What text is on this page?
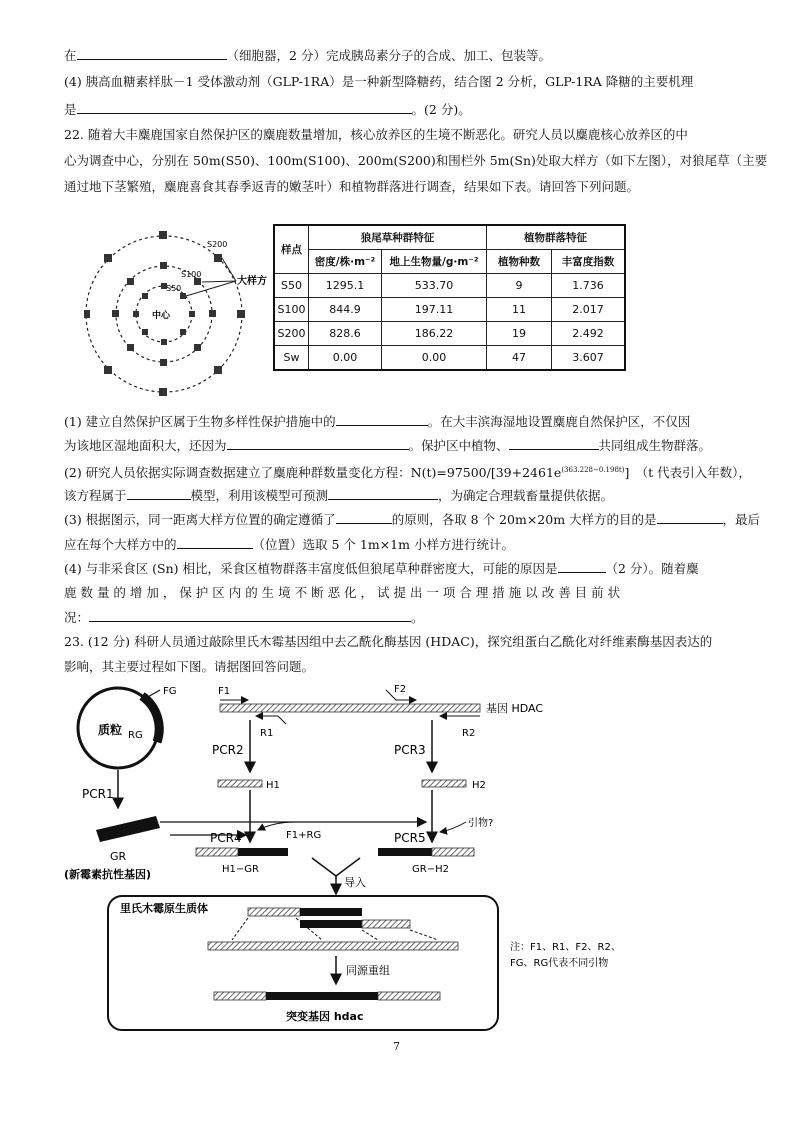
在	（细胞器，2 分）完成胰岛素分子的合成、加工、包装等。
(4) 胰高血糖素样肽－1 受体激动剂（GLP-1RA）是一种新型降糖药，结合图 2 分析，GLP-1RA 降糖的主要机理
是	。(2 分)。
22. 随着大丰麋鹿国家自然保护区的麋鹿数量增加，核心放养区的生境不断恶化。研究人员以麋鹿核心放养区的中
心为调查中心，分别在 50m(S50)、100m(S100)、200m(S200)和围栏外 5m(Sn)处取大样方（如下左图），对狼尾草（主要
通过地下茎繁殖，麋鹿喜食其春季返青的嫩茎叶）和植物群落进行调查，结果如下表。请回答下列问题。
大样方
S200
S100
S50
中心
样点	狼尾草种群特征		植物群落特征	
	密度/株·m⁻²	地上生物量/g·m⁻²	植物种数	丰富度指数
S50	1295.1	533.70	9	1.736
S100	844.9	197.11	11	2.017
S200	828.6	186.22	19	2.492
Sw	0.00	0.00	47	3.607
(1) 建立自然保护区属于生物多样性保护措施中的	。在大丰滨海湿地设置麋鹿自然保护区，不仅因
为该地区湿地面积大，还因为	。保护区中植物、	共同组成生物群落。
(2) 研究人员依据实际调查数据建立了麋鹿种群数量变化方程：$N(t)=97500/[39+2461e^{(363.228-0.198t)}]$　（t 代表引入年数），
该方程属于	模型，利用该模型可预测	，为确定合理载畜量提供依据。
(3) 根据图示，同一距离大样方位置的确定遵循了	的原则，各取 8 个 20m×20m 大样方的目的是	，最后
应在每个大样方中的	（位置）选取 5 个 1m×1m 小样方进行统计。
(4) 与非采食区 (Sn) 相比，采食区植物群落丰富度低但狼尾草种群密度大，可能的原因是	（2 分）。随着麋
鹿 数 量 的 增 加 ， 保 护 区 内 的 生 境 不 断 恶 化 ， 试 提 出 一 项 合 理 措 施 以 改 善 目 前 状
况：	。
23. (12 分) 科研人员通过敲除里氏木霉基因组中去乙酰化酶基因 (HDAC)，探究组蛋白乙酰化对纤维素酶基因表达的
影响，其主要过程如下图。请据图回答问题。
质粒
FG
RG
PCR1
GR
(新霉素抗性基因)
F1	F2
基因 HDAC
R1	R2
PCR2	PCR3
H1	H2
F1+RG
引物?
PCR4	PCR5
H1−GR	GR−H2
导入
里氏木霉原生质体
同源重组
突变基因 hdac
注：F1、R1、F2、R2、
FG、RG代表不同引物
7
